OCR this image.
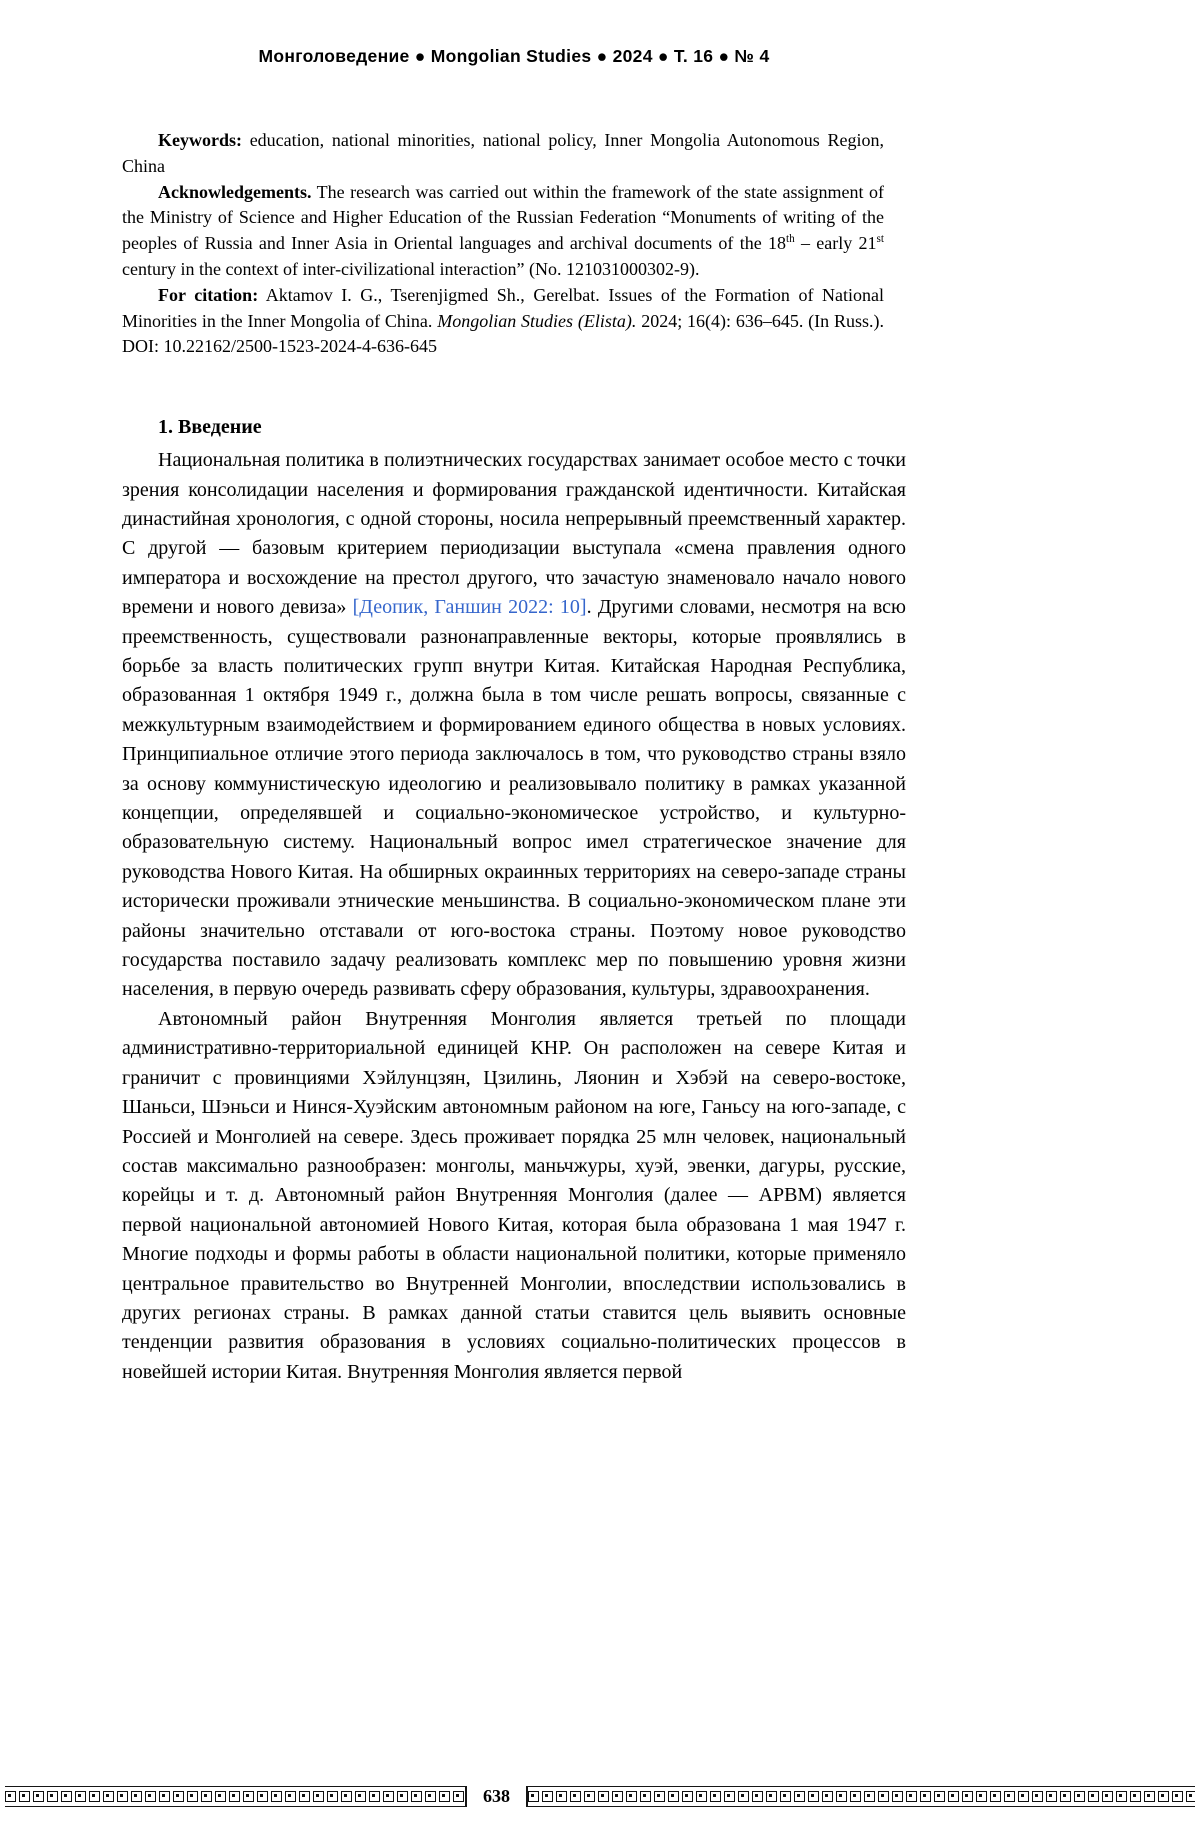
Монголоведение ● Mongolian Studies ● 2024 ● Т. 16 ● № 4

Keywords: education, national minorities, national policy, Inner Mongolia Autonomous Region, China

Acknowledgements. The research was carried out within the framework of the state assignment of the Ministry of Science and Higher Education of the Russian Federation “Monuments of writing of the peoples of Russia and Inner Asia in Oriental languages and archival documents of the 18th – early 21st century in the context of inter-civilizational interaction” (No. 121031000302-9).

For citation: Aktamov I. G., Tserenjigmed Sh., Gerelbat. Issues of the Formation of National Minorities in the Inner Mongolia of China. Mongolian Studies (Elista). 2024; 16(4): 636–645. (In Russ.). DOI: 10.22162/2500-1523-2024-4-636-645

1. Введение

Национальная политика в полиэтнических государствах занимает особое место с точки зрения консолидации населения и формирования гражданской идентичности. Китайская династийная хронология, с одной стороны, носила непрерывный преемственный характер. С другой — базовым критерием периодизации выступала «смена правления одного императора и восхождение на престол другого, что зачастую знаменовало начало нового времени и нового девиза» [Деопик, Ганшин 2022: 10]. Другими словами, несмотря на всю преемственность, существовали разнонаправленные векторы, которые проявлялись в борьбе за власть политических групп внутри Китая. Китайская Народная Республика, образованная 1 октября 1949 г., должна была в том числе решать вопросы, связанные с межкультурным взаимодействием и формированием единого общества в новых условиях. Принципиальное отличие этого периода заключалось в том, что руководство страны взяло за основу коммунистическую идеологию и реализовывало политику в рамках указанной концепции, определявшей и социально-экономическое устройство, и культурно-образовательную систему. Национальный вопрос имел стратегическое значение для руководства Нового Китая. На обширных окраинных территориях на северо-западе страны исторически проживали этнические меньшинства. В социально-экономическом плане эти районы значительно отставали от юго-востока страны. Поэтому новое руководство государства поставило задачу реализовать комплекс мер по повышению уровня жизни населения, в первую очередь развивать сферу образования, культуры, здравоохранения.

Автономный район Внутренняя Монголия является третьей по площади административно-территориальной единицей КНР. Он расположен на севере Китая и граничит с провинциями Хэйлунцзян, Цзилинь, Ляонин и Хэбэй на северо-востоке, Шаньси, Шэньси и Нинся-Хуэйским автономным районом на юге, Ганьсу на юго-западе, с Россией и Монголией на севере. Здесь проживает порядка 25 млн человек, национальный состав максимально разнообразен: монголы, маньчжуры, хуэй, эвенки, дагуры, русские, корейцы и т. д. Автономный район Внутренняя Монголия (далее — АРВМ) является первой национальной автономией Нового Китая, которая была образована 1 мая 1947 г. Многие подходы и формы работы в области национальной политики, которые применяло центральное правительство во Внутренней Монголии, впоследствии использовались в других регионах страны. В рамках данной статьи ставится цель выявить основные тенденции развития образования в условиях социально-политических процессов в новейшей истории Китая. Внутренняя Монголия является первой

638
